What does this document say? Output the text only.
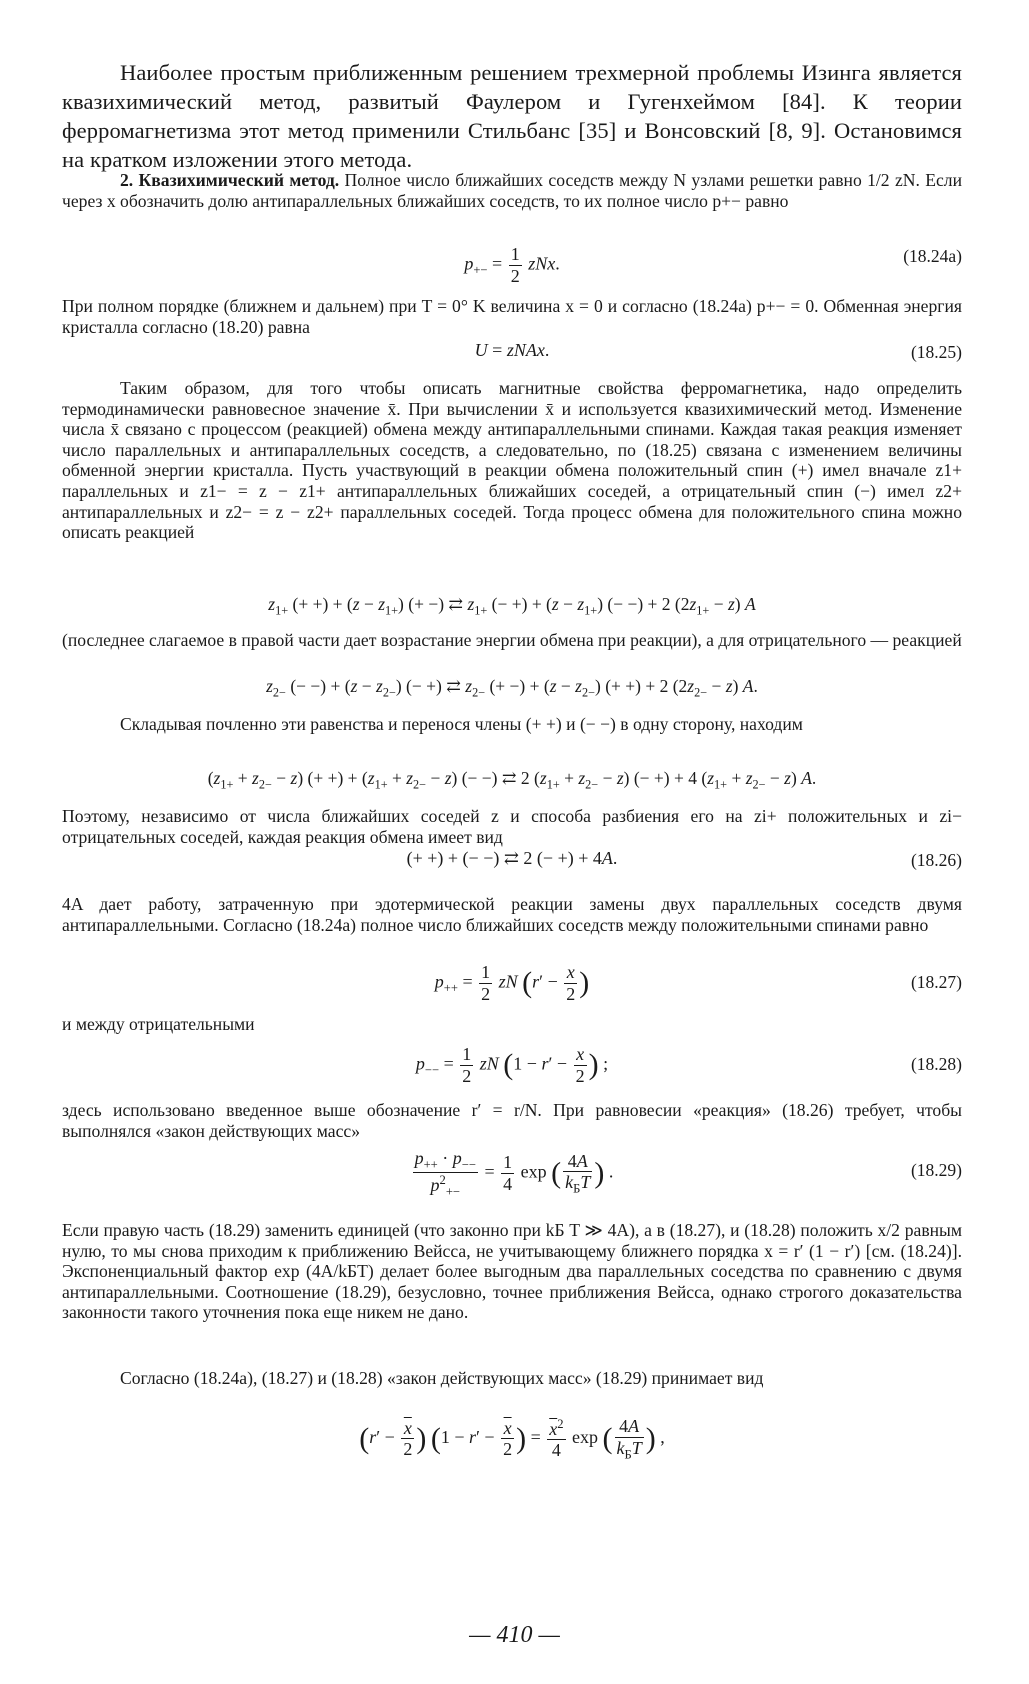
Наиболее простым приближенным решением трехмерной проблемы Изинга является квазихимический метод, развитый Фаулером и Гугенхеймом [84]. К теории ферромагнетизма этот метод применили Стильбанс [35] и Вонсовский [8, 9]. Остановимся на кратком изложении этого метода.
2. Квазихимический метод. Полное число ближайших соседств между N узлами решетки равно 1/2 zN. Если через x обозначить долю антипараллельных ближайших соседств, то их полное число p+− равно
$p_{+-} = \frac{1}{2}$ zNx.	(18.24a)
При полном порядке (ближнем и дальнем) при T = 0° K величина x = 0 и согласно (18.24a) p+− = 0. Обменная энергия кристалла согласно (18.20) равна
U = zNAx.	(18.25)
Таким образом, для того чтобы описать магнитные свойства ферромагнетика, надо определить термодинамически равновесное значение x̄. При вычислении x̄ и используется квазихимический метод. Изменение числа x̄ связано с процессом (реакцией) обмена между антипараллельными спинами. Каждая такая реакция изменяет число параллельных и антипараллельных соседств, а следовательно, по (18.25) связана с изменением величины обменной энергии кристалла. Пусть участвующий в реакции обмена положительный спин (+) имел вначале z1+ параллельных и z1− = z − z1+ антипараллельных ближайших соседей, а отрицательный спин (−) имел z2+ антипараллельных и z2− = z − z2+ параллельных соседей. Тогда процесс обмена для положительного спина можно описать реакцией
$z_{1+}$ (+ +) + $(z - z_{1+})$ (+ −) ⇄ $z_{1+}$ (− +) + $(z - z_{1+})$ (− −) + 2 $(2z_{1+} - z)$ A
(последнее слагаемое в правой части дает возрастание энергии обмена при реакции), а для отрицательного — реакцией
$z_{2-}$ (− −) + $(z - z_{2-})$ (− +) ⇄ $z_{2-}$ (+ −) + $(z - z_{2-})$ (+ +) + 2 $(2z_{2-} - z)$ A.
Складывая почленно эти равенства и перенося члены (+ +) и (− −) в одну сторону, находим
$(z_{1+} + z_{2-} - z)$ (+ +) + $(z_{1+} + z_{2-} - z)$ (− −) ⇄ 2 $(z_{1+} + z_{2-} - z)$ (− +) + 4 $(z_{1+} + z_{2-} - z)$ A.
Поэтому, независимо от числа ближайших соседей z и способа разбиения его на zi+ положительных и zi− отрицательных соседей, каждая реакция обмена имеет вид
(+ +) + (− −) ⇄ 2 (− +) + 4A.	(18.26)
4A дает работу, затраченную при эдотермической реакции замены двух параллельных соседств двумя антипараллельными. Согласно (18.24a) полное число ближайших соседств между положительными спинами равно
$p_{++} = \frac{1}{2}$ zN ($r' - \frac{x}{2}$ )	(18.27)
и между отрицательными
$p_{--} = \frac{1}{2}$ zN ($1 - r' - \frac{x}{2}$ ) ;	(18.28)
здесь использовано введенное выше обозначение r′ = r/N. При равновесии «реакция» (18.26) требует, чтобы выполнялся «закон действующих масс»
$\frac{p_{++} \cdot p_{--}}{p^2_{+-}} = \frac{1}{4}$ exp ( $\frac{4A}{k_БT}$ ) .	(18.29)
Если правую часть (18.29) заменить единицей (что законно при kБ T ≫ 4A), а в (18.27), и (18.28) положить x/2 равным нулю, то мы снова приходим к приближению Вейсса, не учитывающему ближнего порядка x = r′ (1 − r′) [см. (18.24)]. Экспоненциальный фактор exp (4A/kБT) делает более выгодным два параллельных соседства по сравнению с двумя антипараллельными. Соотношение (18.29), безусловно, точнее приближения Вейсса, однако строгого доказательства законности такого уточнения пока еще никем не дано.
Согласно (18.24a), (18.27) и (18.28) «закон действующих масс» (18.29) принимает вид
($r' - \frac{\overline{x}}{2}$ ) ($1 - r' - \frac{\overline{x}}{2}$ ) = $\frac{\overline{x}^2}{4}$ exp ( $\frac{4A}{k_БT}$ ) ,
— 410 —
